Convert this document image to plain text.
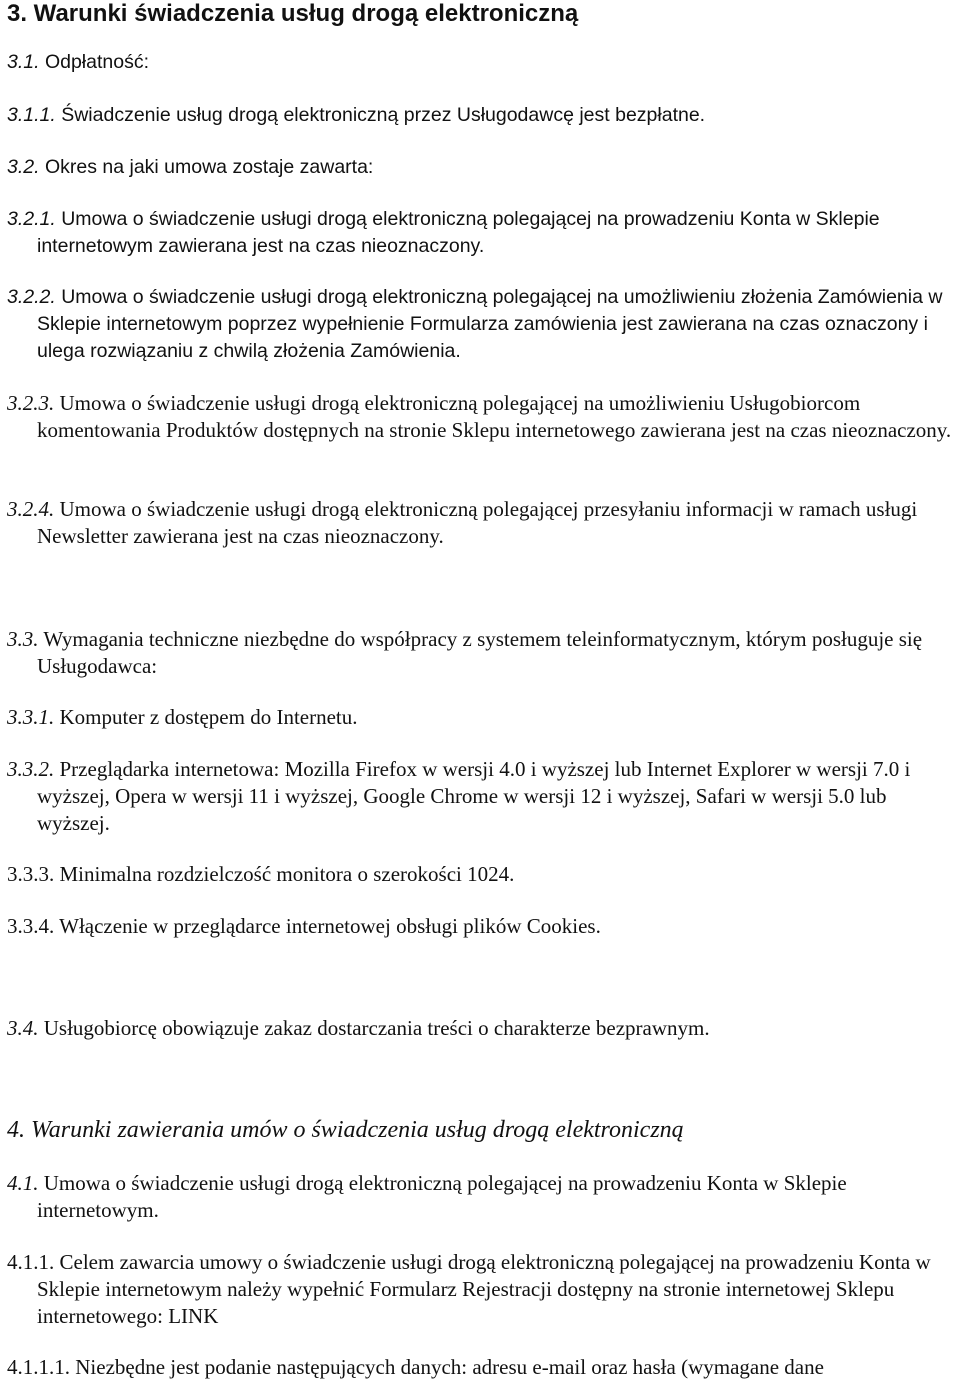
3. Warunki świadczenia usług drogą elektroniczną
3.1. Odpłatność:
3.1.1. Świadczenie usług drogą elektroniczną przez Usługodawcę jest bezpłatne.
3.2. Okres na jaki umowa zostaje zawarta:
3.2.1. Umowa o świadczenie usługi drogą elektroniczną polegającej na prowadzeniu Konta w Sklepie internetowym zawierana jest na czas nieoznaczony.
3.2.2. Umowa o świadczenie usługi drogą elektroniczną polegającej na umożliwieniu złożenia Zamówienia w Sklepie internetowym poprzez wypełnienie Formularza zamówienia jest zawierana na czas oznaczony i ulega rozwiązaniu z chwilą złożenia Zamówienia.
3.2.3. Umowa o świadczenie usługi drogą elektroniczną polegającej na umożliwieniu Usługobiorcom komentowania Produktów dostępnych na stronie Sklepu internetowego zawierana jest na czas nieoznaczony.
3.2.4. Umowa o świadczenie usługi drogą elektroniczną polegającej przesyłaniu informacji w ramach usługi Newsletter zawierana jest na czas nieoznaczony.
3.3. Wymagania techniczne niezbędne do współpracy z systemem teleinformatycznym, którym posługuje się Usługodawca:
3.3.1. Komputer z dostępem do Internetu.
3.3.2. Przeglądarka internetowa: Mozilla Firefox w wersji 4.0 i wyższej lub Internet Explorer w wersji 7.0 i wyższej, Opera w wersji 11 i wyższej, Google Chrome w wersji 12 i wyższej, Safari w wersji 5.0 lub wyższej.
3.3.3. Minimalna rozdzielczość monitora o szerokości 1024.
3.3.4. Włączenie w przeglądarce internetowej obsługi plików Cookies.
3.4. Usługobiorcę obowiązuje zakaz dostarczania treści o charakterze bezprawnym.
4. Warunki zawierania umów o świadczenia usług drogą elektroniczną
4.1. Umowa o świadczenie usługi drogą elektroniczną polegającej na prowadzeniu Konta w Sklepie internetowym.
4.1.1. Celem zawarcia umowy o świadczenie usługi drogą elektroniczną polegającej na prowadzeniu Konta w Sklepie internetowym należy wypełnić Formularz Rejestracji dostępny na stronie internetowej Sklepu internetowego: LINK
4.1.1.1. Niezbędne jest podanie następujących danych: adresu e-mail oraz hasła (wymagane dane
